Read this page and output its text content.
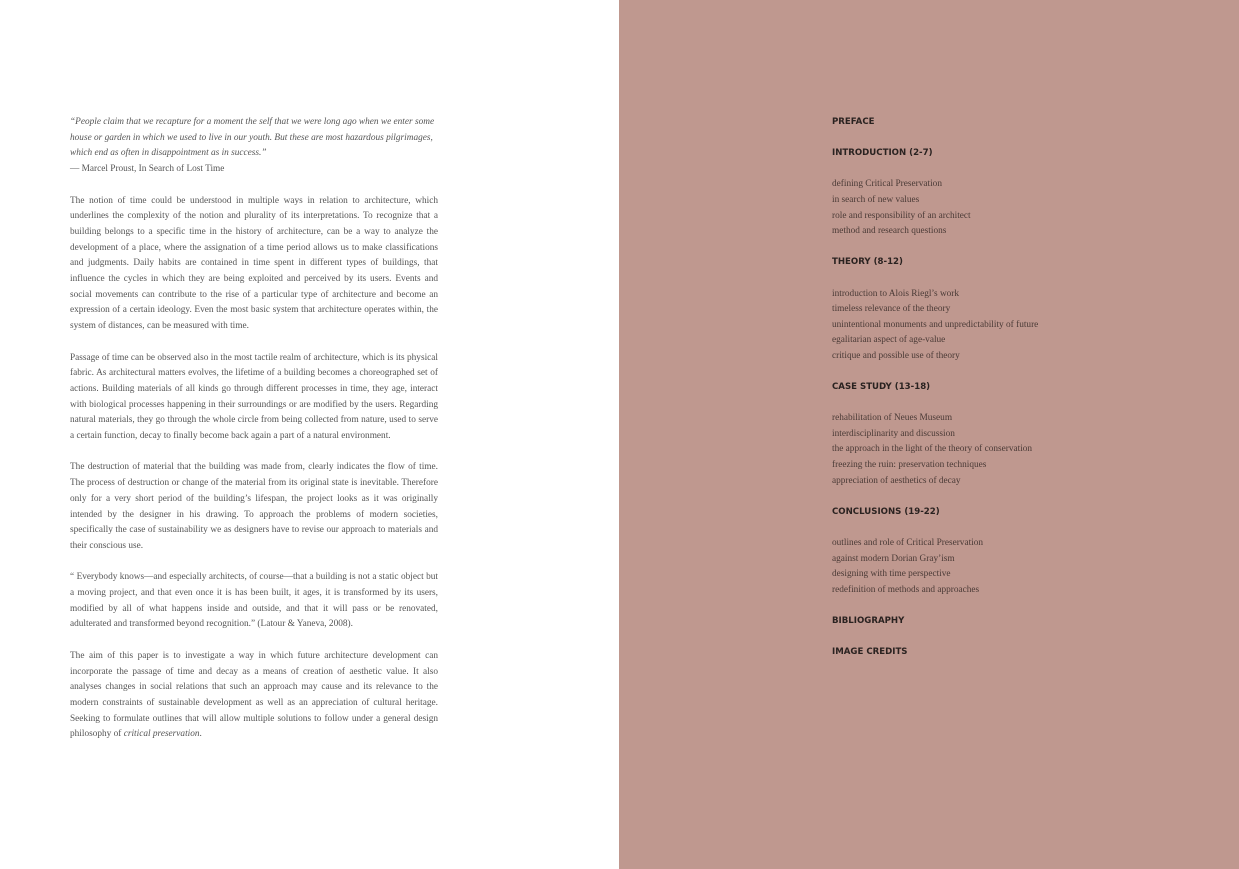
“People claim that we recapture for a moment the self that we were long ago when we enter some
house or garden in which we used to live in our youth. But these are most hazardous pilgrimages,
which end as often in disappointment as in success.”

— Marcel Proust, In Search of Lost Time

The notion of time could be understood in multiple ways in relation to architecture, which underlines the complexity of the notion and plurality of its interpretations. To recognize that a building belongs to a specific time in the history of architecture, can be a way to analyze the development of a place, where the assignation of a time period allows us to make classifications and judgments. Daily habits are contained in time spent in different types of buildings, that influence the cycles in which they are being exploited and perceived by its users. Events and social movements can contribute to the rise of a particular type of architecture and become an expression of a certain ideology. Even the most basic system that architecture operates within, the system of distances, can be measured with time.

Passage of time can be observed also in the most tactile realm of architecture, which is its physical fabric. As architectural matters evolves, the lifetime of a building becomes a choreographed set of actions. Building materials of all kinds go through different processes in time, they age, interact with biological processes happening in their surroundings or are modified by the users. Regarding natural materials, they go through the whole circle from being collected from nature, used to serve a certain function, decay to finally become back again a part of a natural environment.

The destruction of material that the building was made from, clearly indicates the flow of time. The process of destruction or change of the material from its original state is inevitable. Therefore only for a very short period of the building’s lifespan, the project looks as it was originally intended by the designer in his drawing. To approach the problems of modern societies, specifically the case of sustainability we as designers have to revise our approach to materials and their conscious use.

“ Everybody knows—and especially architects, of course—that a building is not a static object but a moving project, and that even once it is has been built, it ages, it is transformed by its users, modified by all of what happens inside and outside, and that it will pass or be renovated, adulterated and transformed beyond recognition.” (Latour & Yaneva, 2008).

The aim of this paper is to investigate a way in which future architecture development can incorporate the passage of time and decay as a means of creation of aesthetic value. It also analyses changes in social relations that such an approach may cause and its relevance to the modern constraints of sustainable development as well as an appreciation of cultural heritage. Seeking to formulate outlines that will allow multiple solutions to follow under a general design philosophy of critical preservation.

PREFACE
INTRODUCTION (2-7)
defining Critical Preservation
in search of new values
role and responsibility of an architect
method and research questions
THEORY (8-12)
introduction to Alois Riegl’s work
timeless relevance of the theory
unintentional monuments and unpredictability of future
egalitarian aspect of age-value
critique and possible use of theory
CASE STUDY (13-18)
rehabilitation of Neues Museum
interdisciplinarity and discussion
the approach in the light of the theory of conservation
freezing the ruin: preservation techniques
appreciation of aesthetics of decay
CONCLUSIONS (19-22)
outlines and role of Critical Preservation
against modern Dorian Gray’ism
designing with time perspective
redefinition of methods and approaches
BIBLIOGRAPHY
IMAGE CREDITS
